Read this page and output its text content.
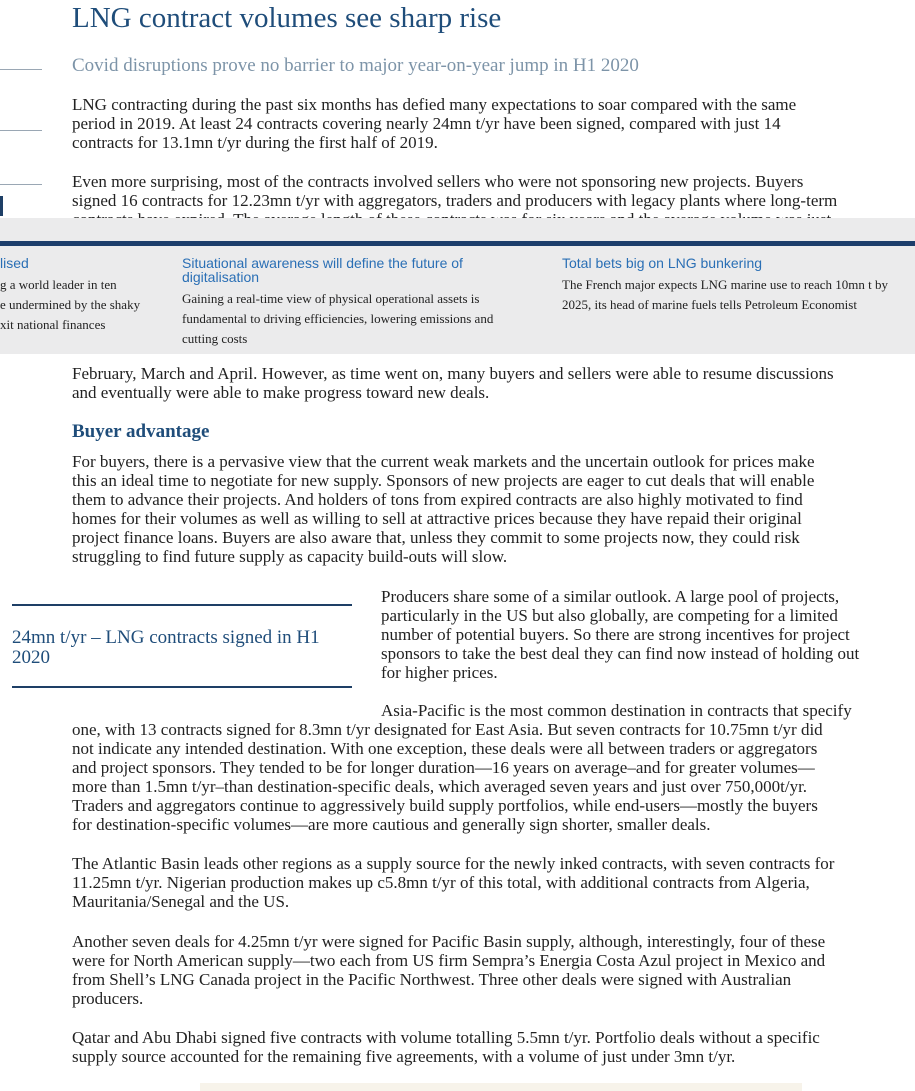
LNG contract volumes see sharp rise

Covid disruptions prove no barrier to major year-on-year jump in H1 2020

LNG contracting during the past six months has defied many expectations to soar compared with the same
period in 2019. At least 24 contracts covering nearly 24mn t/yr have been signed, compared with just 14
contracts for 13.1mn t/yr during the first half of 2019.
Even more surprising, most of the contracts involved sellers who were not sponsoring new projects. Buyers
signed 16 contracts for 12.23mn t/yr with aggregators, traders and producers with legacy plants where long-term
lised
g a world leader in ten
e undermined by the shaky
xit national finances
Situational awareness will define the future of
digitalisation
Gaining a real-time view of physical operational assets is
fundamental to driving efficiencies, lowering emissions and
cutting costs
Total bets big on LNG bunkering
The French major expects LNG marine use to reach 10mn t by
2025, its head of marine fuels tells Petroleum Economist
February, March and April. However, as time went on, many buyers and sellers were able to resume discussions
and eventually were able to make progress toward new deals.
Buyer advantage
For buyers, there is a pervasive view that the current weak markets and the uncertain outlook for prices make
this an ideal time to negotiate for new supply. Sponsors of new projects are eager to cut deals that will enable
them to advance their projects. And holders of tons from expired contracts are also highly motivated to find
homes for their volumes as well as willing to sell at attractive prices because they have repaid their original
project finance loans. Buyers are also aware that, unless they commit to some projects now, they could risk
struggling to find future supply as capacity build-outs will slow.

24mn t/yr – LNG contracts signed in H1 2020

Producers share some of a similar outlook. A large pool of projects,
particularly in the US but also globally, are competing for a limited
number of potential buyers. So there are strong incentives for project
sponsors to take the best deal they can find now instead of holding out
for higher prices.
Asia-Pacific is the most common destination in contracts that specify
one, with 13 contracts signed for 8.3mn t/yr designated for East Asia. But seven contracts for 10.75mn t/yr did
not indicate any intended destination. With one exception, these deals were all between traders or aggregators
and project sponsors. They tended to be for longer duration—16 years on average–and for greater volumes—
more than 1.5mn t/yr–than destination-specific deals, which averaged seven years and just over 750,000t/yr.
Traders and aggregators continue to aggressively build supply portfolios, while end-users—mostly the buyers
for destination-specific volumes—are more cautious and generally sign shorter, smaller deals.
The Atlantic Basin leads other regions as a supply source for the newly inked contracts, with seven contracts for
11.25mn t/yr. Nigerian production makes up c5.8mn t/yr of this total, with additional contracts from Algeria,
Mauritania/Senegal and the US.
Another seven deals for 4.25mn t/yr were signed for Pacific Basin supply, although, interestingly, four of these
were for North American supply—two each from US firm Sempra’s Energia Costa Azul project in Mexico and
from Shell’s LNG Canada project in the Pacific Northwest. Three other deals were signed with Australian
producers.
Qatar and Abu Dhabi signed five contracts with volume totalling 5.5mn t/yr. Portfolio deals without a specific
supply source accounted for the remaining five agreements, with a volume of just under 3mn t/yr.
